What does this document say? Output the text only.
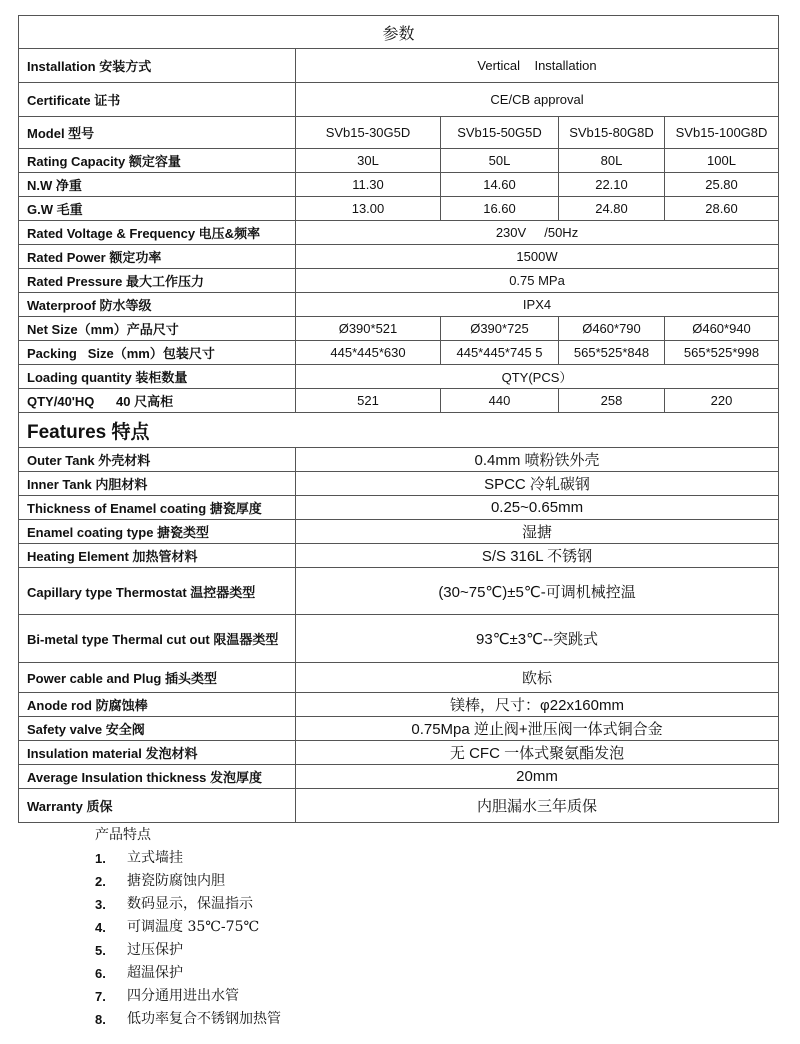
参数				
Installation 安装方式	Vertical    Installation			
Certificate 证书	CE/CB approval			
Model 型号	SVb15-30G5D	SVb15-50G5D	SVb15-80G8D	SVb15-100G8D
Rating Capacity 额定容量	30L	50L	80L	100L
N.W 净重	11.30	14.60	22.10	25.80
G.W 毛重	13.00	16.60	24.80	28.60
Rated Voltage & Frequency 电压&频率	230V     /50Hz			
Rated Power 额定功率	1500W			
Rated Pressure 最大工作压力	0.75 MPa			
Waterproof 防水等级	IPX4			
Net Size（mm）产品尺寸	Ø390*521	Ø390*725	Ø460*790	Ø460*940
Packing   Size（mm）包装尺寸	445*445*630	445*445*745 5	565*525*848	565*525*998
Loading quantity 装柜数量	QTY(PCS）			
QTY/40'HQ      40 尺高柜	521	440	258	220
Features 特点				
Outer Tank 外壳材料	0.4mm 喷粉铁外壳			
Inner Tank 内胆材料	SPCC 冷轧碳钢			
Thickness of Enamel coating 搪瓷厚度	0.25~0.65mm			
Enamel coating type 搪瓷类型	湿搪			
Heating Element 加热管材料	S/S 316L 不锈钢			
Capillary type Thermostat 温控器类型	(30~75℃)±5℃-可调机械控温			
Bi-metal type Thermal cut out 限温器类型	93℃±3℃--突跳式			
Power cable and Plug 插头类型	欧标			
Anode rod 防腐蚀棒	镁棒，尺寸：φ22x160mm			
Safety valve 安全阀	0.75Mpa 逆止阀+泄压阀一体式铜合金			
Insulation material 发泡材料	无 CFC 一体式聚氨酯发泡			
Average Insulation thickness 发泡厚度	20mm			
Warranty 质保	内胆漏水三年质保			
产品特点
1.	立式墙挂
2.	搪瓷防腐蚀内胆
3.	数码显示，保温指示
4.	可调温度 35℃-75℃
5.	过压保护
6.	超温保护
7.	四分通用进出水管
8.	低功率复合不锈钢加热管
